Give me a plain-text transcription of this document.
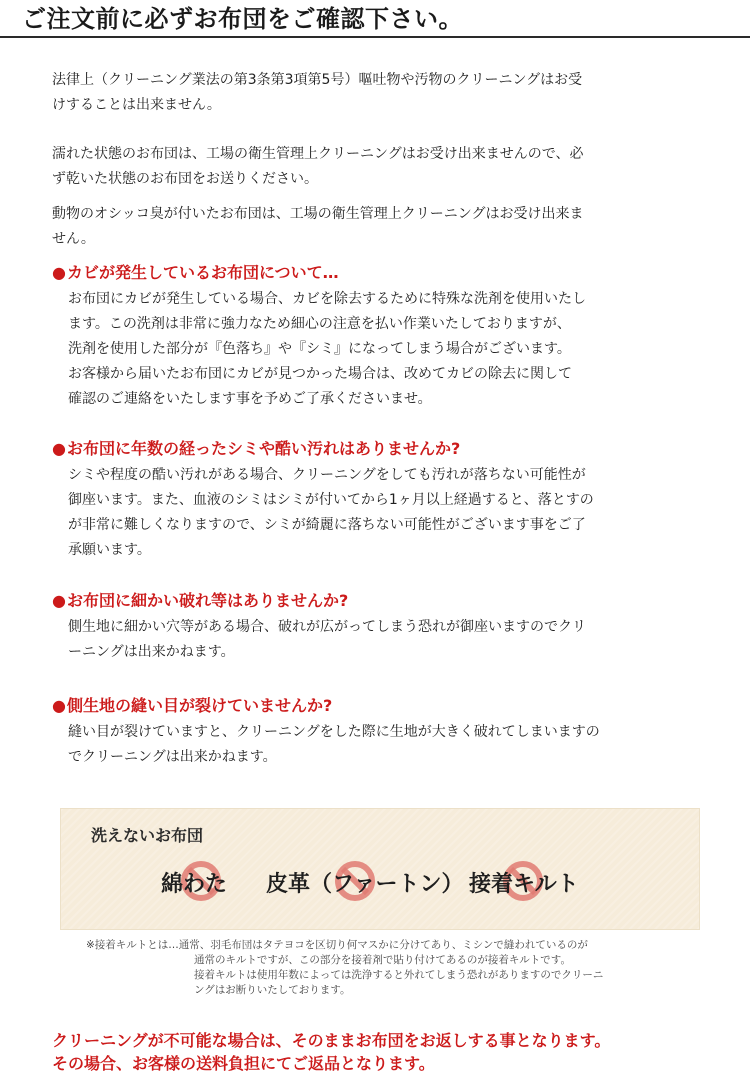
ご注文前に必ずお布団をご確認下さい。
法律上（クリーニング業法の第3条第3項第5号）嘔吐物や汚物のクリーニングはお受
けすることは出来ません。
濡れた状態のお布団は、工場の衛生管理上クリーニングはお受け出来ませんので、必
ず乾いた状態のお布団をお送りください。
動物のオシッコ臭が付いたお布団は、工場の衛生管理上クリーニングはお受け出来ま
せん。
●カビが発生しているお布団について…
お布団にカビが発生している場合、カビを除去するために特殊な洗剤を使用いたし
ます。この洗剤は非常に強力なため細心の注意を払い作業いたしておりますが、
洗剤を使用した部分が『色落ち』や『シミ』になってしまう場合がございます。
お客様から届いたお布団にカビが見つかった場合は、改めてカビの除去に関して
確認のご連絡をいたします事を予めご了承くださいませ。
●お布団に年数の経ったシミや酷い汚れはありませんか?
シミや程度の酷い汚れがある場合、クリーニングをしても汚れが落ちない可能性が
御座います。また、血液のシミはシミが付いてから1ヶ月以上経過すると、落とすの
が非常に難しくなりますので、シミが綺麗に落ちない可能性がございます事をご了
承願います。
●お布団に細かい破れ等はありませんか?
側生地に細かい穴等がある場合、破れが広がってしまう恐れが御座いますのでクリ
ーニングは出来かねます。
●側生地の縫い目が裂けていませんか?
縫い目が裂けていますと、クリーニングをした際に生地が大きく破れてしまいますの
でクリーニングは出来かねます。
洗えないお布団
綿わた 皮革（ファートン） 接着キルト
※接着キルトとは…通常、羽毛布団はタテヨコを区切り何マスかに分けてあり、ミシンで縫われているのが
通常のキルトですが、この部分を接着剤で貼り付けてあるのが接着キルトです。
接着キルトは使用年数によっては洗浄すると外れてしまう恐れがありますのでクリーニ
ングはお断りいたしております。
クリーニングが不可能な場合は、そのままお布団をお返しする事となります。
その場合、お客様の送料負担にてご返品となります。
